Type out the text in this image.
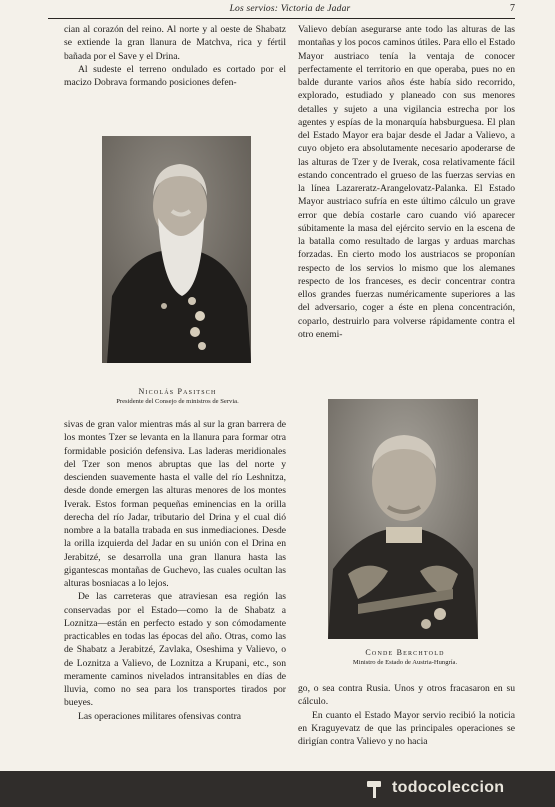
Los servios: Victoria de Jadar	7

cian al corazón del reino. Al norte y al oeste de Shabatz se extiende la gran llanura de Matchva, rica y fértil bañada por el Save y el Drina.

Al sudeste el terreno ondulado es cortado por el macizo Dobrava formando posiciones defen-

Nicolás Pasitsch
Presidente del Consejo de ministros de Servia.

sivas de gran valor mientras más al sur la gran barrera de los montes Tzer se levanta en la llanura para formar otra formidable posición defensiva. Las laderas meridionales del Tzer son menos abruptas que las del norte y descienden suavemente hasta el valle del río Leshnitza, desde donde emergen las alturas menores de los montes Iverak. Estos forman pequeñas eminencias en la orilla derecha del río Jadar, tributario del Drina y el cual dió nombre a la batalla trabada en sus inmediaciones. Desde la orilla izquierda del Jadar en su unión con el Drina en Jerabitzé, se desarrolla una gran llanura hasta las gigantescas montañas de Guchevo, las cuales ocultan las alturas bosniacas a lo lejos.

De las carreteras que atraviesan esa región las conservadas por el Estado—como la de Shabatz a Loznitza—están en perfecto estado y son cómodamente practicables en todas las épocas del año. Otras, como las de Shabatz a Jerabitzé, Zavlaka, Oseshima y Valievo, o de Loznitza a Valievo, de Loznitza a Krupani, etc., son meramente caminos nivelados intransitables en días de lluvia, como no sea para los transportes tirados por bueyes.

Las operaciones militares ofensivas contra

Valievo debían asegurarse ante todo las alturas de las montañas y los pocos caminos útiles. Para ello el Estado Mayor austriaco tenía la ventaja de conocer perfectamente el territorio en que operaba, pues no en balde durante varios años éste había sido recorrido, explorado, estudiado y planeado con sus menores detalles y sujeto a una vigilancia estrecha por los agentes y espías de la monarquía habsburguesa. El plan del Estado Mayor era bajar desde el Jadar a Valievo, a cuyo objeto era absolutamente necesario apoderarse de las alturas de Tzer y de Iverak, cosa relativamente fácil estando concentrado el grueso de las fuerzas servias en la línea Lazareratz-Arangelovatz-Palanka. El Estado Mayor austriaco sufría en este último cálculo un grave error que debía costarle caro cuando vió aparecer súbitamente la masa del ejército servio en la escena de la batalla como resultado de largas y arduas marchas forzadas. En cierto modo los austriacos se proponían respecto de los servios lo mismo que los alemanes respecto de los franceses, es decir concentrar contra ellos grandes fuerzas numéricamente superiores a las del adversario, coger a éste en plena concentración, coparlo, destruirlo para volverse rápidamente contra el otro enemi-

Conde Berchtold
Ministro de Estado de Austria-Hungría.

go, o sea contra Rusia. Unos y otros fracasaron en su cálculo.

En cuanto el Estado Mayor servio recibió la noticia en Kraguyevatz de que las principales operaciones se dirigían contra Valievo y no hacia

todocoleccion
